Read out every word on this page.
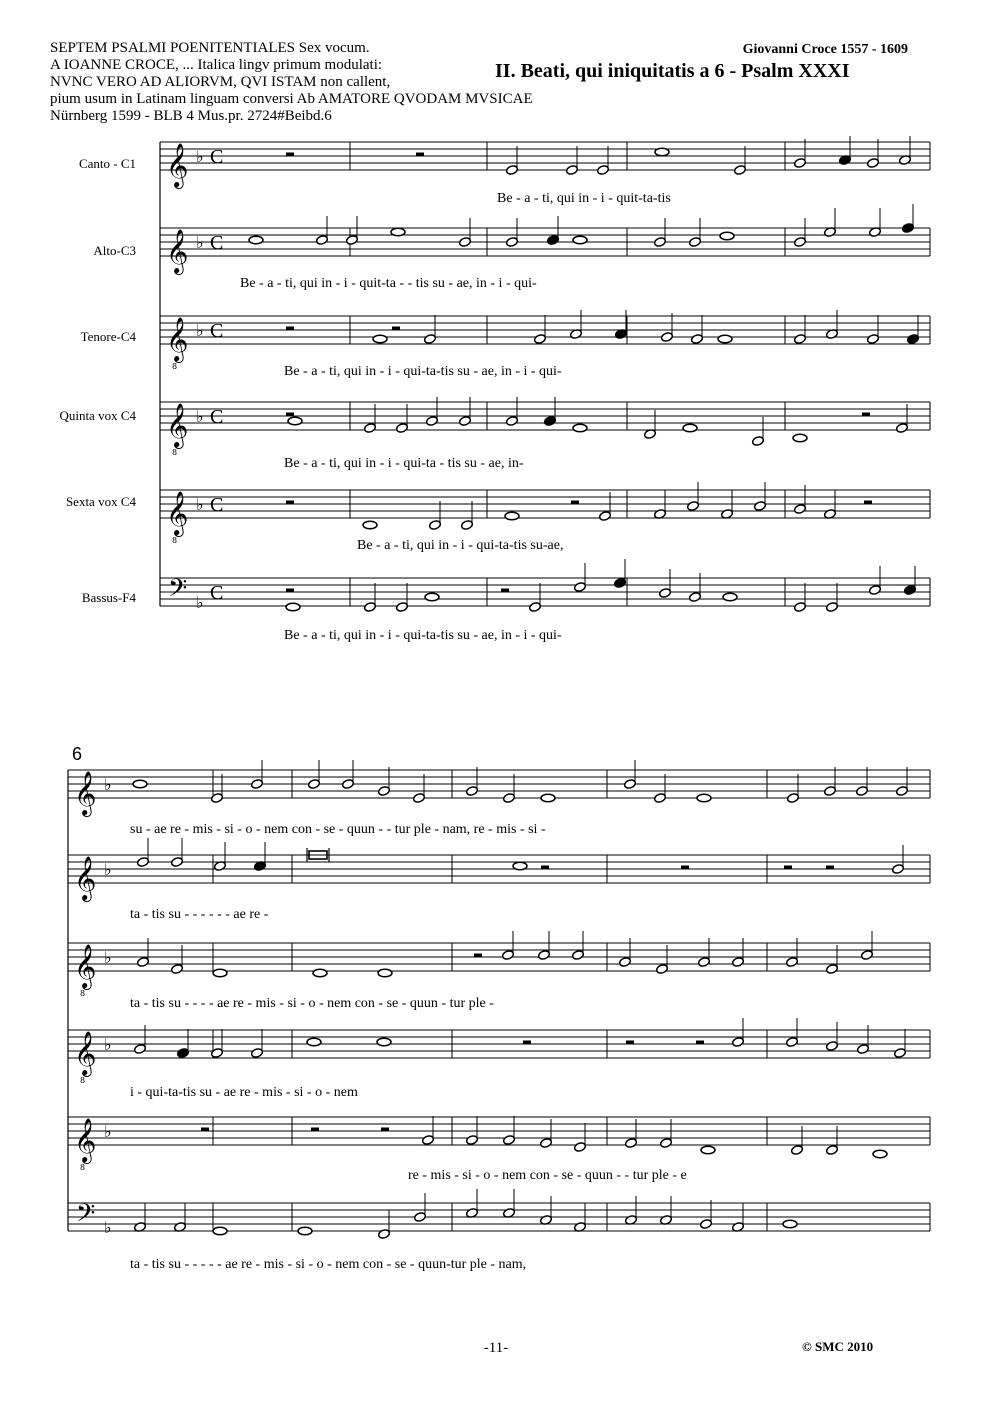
SEPTEM PSALMI POENITENTIALES Sex vocum.
A IOANNE CROCE, ... Italica lingv primum modulati:
NVNC VERO AD ALIORVM, QVI ISTAM non callent,
pium usum in Latinam linguam conversi Ab AMATORE QVODAM MVSICAE
Nürnberg 1599 - BLB 4 Mus.pr. 2724#Beibd.6
Giovanni Croce 1557 - 1609
II. Beati, qui iniquitatis a 6 - Psalm XXXI
Canto - C1
Alto-C3
Tenore-C4
Quinta vox C4
Sexta vox C4
Bassus-F4
Be - a - ti, qui in - i - quit-ta-tis
Be - a - ti, qui in - i - quit-ta - - tis su - ae, in - i - qui-
Be - a - ti, qui in - i - qui-ta-tis su - ae, in - i - qui-
Be - a - ti, qui in - i - qui-ta - tis su - ae, in-
Be - a - ti, qui in - i - qui-ta-tis su-ae,
Be - a - ti, qui in - i - qui-ta-tis su - ae, in - i - qui-
6
su - ae re - mis - si - o - nem con - se - quun - - tur ple - nam, re - mis - si -
ta - tis su - - - - - - ae re -
ta - tis su - - - - ae re - mis - si - o - nem con - se - quun - tur ple -
i - qui-ta-tis su - ae re - mis - si - o - nem
re - mis - si - o - nem con - se - quun - - tur ple - e
ta - tis su - - - - - ae re - mis - si - o - nem con - se - quun-tur ple - nam,
-11-	© SMC 2010
𝄞 ♭ C
𝄞 ♭ C
𝄞
8
♭ C
𝄞
8
♭ C
𝄞
8
♭ C
𝄢 ♭ C
𝄞 ♭
𝄞 ♭
𝄞
8
♭
𝄞
8
♭
𝄞
8
♭
𝄢 ♭
